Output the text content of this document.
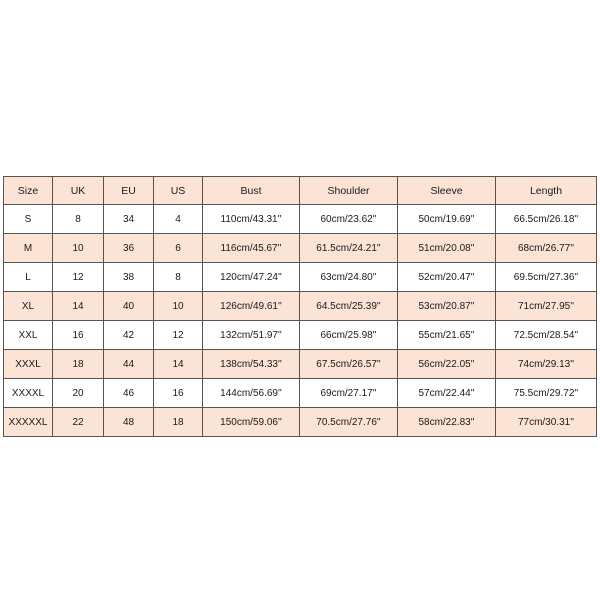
Size	UK	EU	US	Bust	Shoulder	Sleeve	Length
S	8	34	4	110cm/43.31''	60cm/23.62''	50cm/19.69''	66.5cm/26.18''
M	10	36	6	116cm/45.67''	61.5cm/24.21''	51cm/20.08''	68cm/26.77''
L	12	38	8	120cm/47.24''	63cm/24.80''	52cm/20.47''	69.5cm/27.36''
XL	14	40	10	126cm/49.61''	64.5cm/25.39''	53cm/20.87''	71cm/27.95''
XXL	16	42	12	132cm/51.97''	66cm/25.98''	55cm/21.65''	72.5cm/28.54''
XXXL	18	44	14	138cm/54.33''	67.5cm/26.57''	56cm/22.05''	74cm/29.13''
XXXXL	20	46	16	144cm/56.69''	69cm/27.17''	57cm/22.44''	75.5cm/29.72''
XXXXXL	22	48	18	150cm/59.06''	70.5cm/27.76''	58cm/22.83''	77cm/30.31''
